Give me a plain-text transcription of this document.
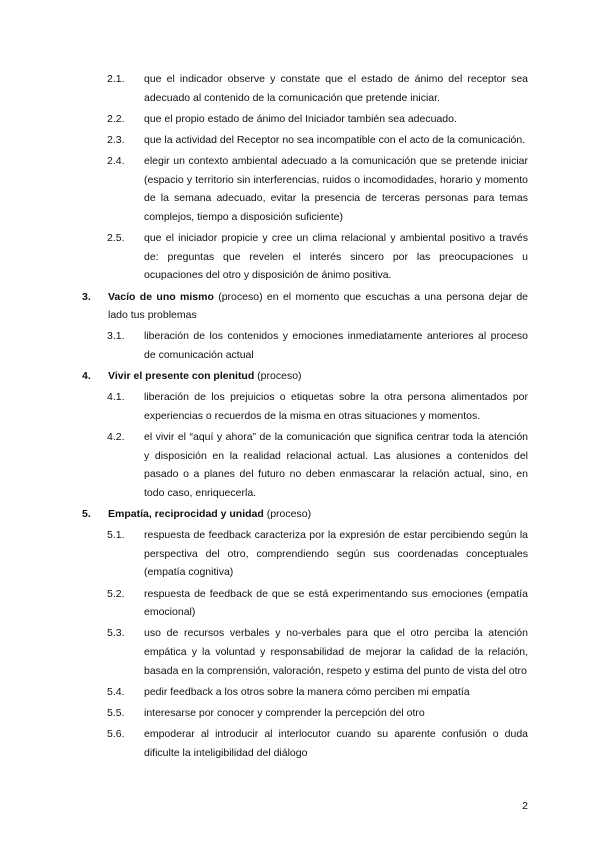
2.1. que el indicador observe y constate que el estado de ánimo del receptor sea adecuado al contenido de la comunicación que pretende iniciar.
2.2. que el propio estado de ánimo del Iniciador también sea adecuado.
2.3. que la actividad del Receptor no sea incompatible con el acto de la comunicación.
2.4. elegir un contexto ambiental adecuado a la comunicación que se pretende iniciar (espacio y territorio sin interferencias, ruidos o incomodidades, horario y momento de la semana adecuado, evitar la presencia de terceras personas para temas complejos, tiempo a disposición suficiente)
2.5. que el iniciador propicie y cree un clima relacional y ambiental positivo a través de: preguntas que revelen el interés sincero por las preocupaciones u ocupaciones del otro y disposición de ánimo positiva.
3. Vacío de uno mismo (proceso) en el momento que escuchas a una persona dejar de lado tus problemas
3.1. liberación de los contenidos y emociones inmediatamente anteriores al proceso de comunicación actual
4. Vivir el presente con plenitud (proceso)
4.1. liberación de los prejuicios o etiquetas sobre la otra persona alimentados por experiencias o recuerdos de la misma en otras situaciones y momentos.
4.2. el vivir el “aquí y ahora” de la comunicación que significa centrar toda la atención y disposición en la realidad relacional actual. Las alusiones a contenidos del pasado o a planes del futuro no deben enmascarar la relación actual, sino, en todo caso, enriquecerla.
5. Empatía, reciprocidad y unidad (proceso)
5.1. respuesta de feedback caracteriza por la expresión de estar percibiendo según la perspectiva del otro, comprendiendo según sus coordenadas conceptuales (empatía cognitiva)
5.2. respuesta de feedback de que se está experimentando sus emociones (empatía emocional)
5.3. uso de recursos verbales y no-verbales para que el otro perciba la atención empática y la voluntad y responsabilidad de mejorar la calidad de la relación, basada en la comprensión, valoración, respeto y estima del punto de vista del otro
5.4. pedir feedback a los otros sobre la manera cómo perciben mi empatía
5.5. interesarse por conocer y comprender la percepción del otro
5.6. empoderar al introducir al interlocutor cuando su aparente confusión o duda dificulte la inteligibilidad del diálogo
2
